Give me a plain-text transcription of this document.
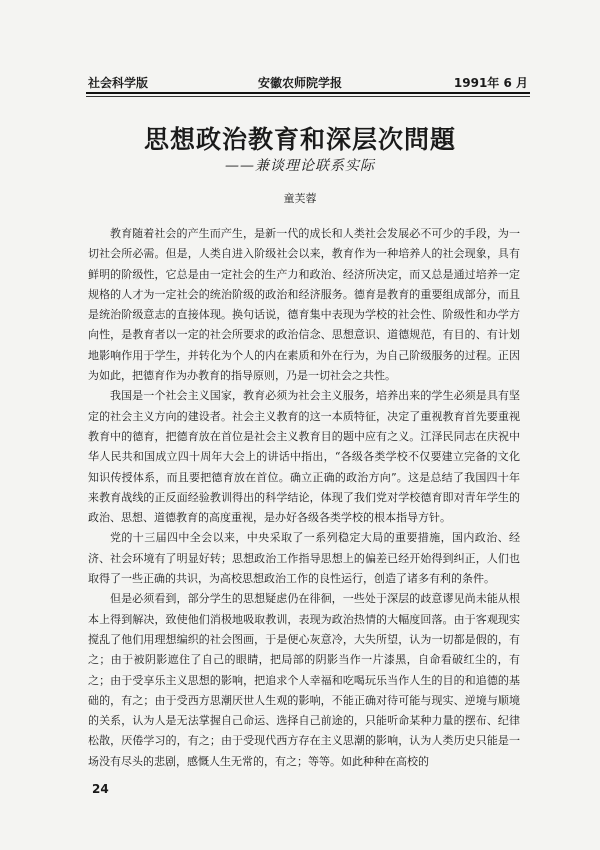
社会科学版	安徽农师院学报	1991年 6 月
思想政治教育和深层次問題
——兼谈理论联系实际
童芙蓉

教育随着社会的产生而产生，是新一代的成长和人类社会发展必不可少的手段，为一切社会所必需。但是，人类自进入阶级社会以来，教育作为一种培养人的社会现象，具有鲜明的阶级性，它总是由一定社会的生产力和政治、经济所决定，而又总是通过培养一定规格的人才为一定社会的统治阶级的政治和经济服务。德育是教育的重要组成部分，而且是统治阶级意志的直接体现。换句话说，德育集中表现为学校的社会性、阶级性和办学方向性，是教育者以一定的社会所要求的政治信念、思想意识、道德规范，有目的、有计划地影响作用于学生，并转化为个人的内在素质和外在行为，为自己阶级服务的过程。正因为如此，把德育作为办教育的指导原则，乃是一切社会之共性。

我国是一个社会主义国家，教育必须为社会主义服务，培养出来的学生必须是具有坚定的社会主义方向的建设者。社会主义教育的这一本质特征，决定了重视教育首先要重视教育中的德育，把德育放在首位是社会主义教育目的题中应有之义。江泽民同志在庆祝中华人民共和国成立四十周年大会上的讲话中指出，“各级各类学校不仅要建立完备的文化知识传授体系，而且要把德育放在首位。确立正确的政治方向”。这是总结了我国四十年来教育战线的正反面经验教训得出的科学结论，体现了我们党对学校德育即对青年学生的政治、思想、道德教育的高度重视，是办好各级各类学校的根本指导方针。

党的十三届四中全会以来，中央采取了一系列稳定大局的重要措施，国内政治、经济、社会环境有了明显好转；思想政治工作指导思想上的偏差已经开始得到纠正，人们也取得了一些正确的共识，为高校思想政治工作的良性运行，创造了诸多有利的条件。

但是必须看到，部分学生的思想疑虑仍在徘徊，一些处于深层的歧意谬见尚未能从根本上得到解决，致使他们消极地吸取教训，表现为政治热情的大幅度回落。由于客观现实搅乱了他们用理想编织的社会图画，于是便心灰意冷，大失所望，认为一切都是假的，有之；由于被阴影遮住了自己的眼睛，把局部的阴影当作一片漆黑，自命看破红尘的，有之；由于受享乐主义思想的影响，把追求个人幸福和吃喝玩乐当作人生的目的和追德的基础的，有之；由于受西方思潮厌世人生观的影响，不能正确对待可能与现实、逆境与顺境的关系，认为人是无法掌握自己命运、选择自己前途的，只能听命某种力量的摆布、纪律松散，厌倦学习的，有之；由于受现代西方存在主义思潮的影响，认为人类历史只能是一场没有尽头的悲剧，感慨人生无常的，有之；等等。如此种种在高校的

24
